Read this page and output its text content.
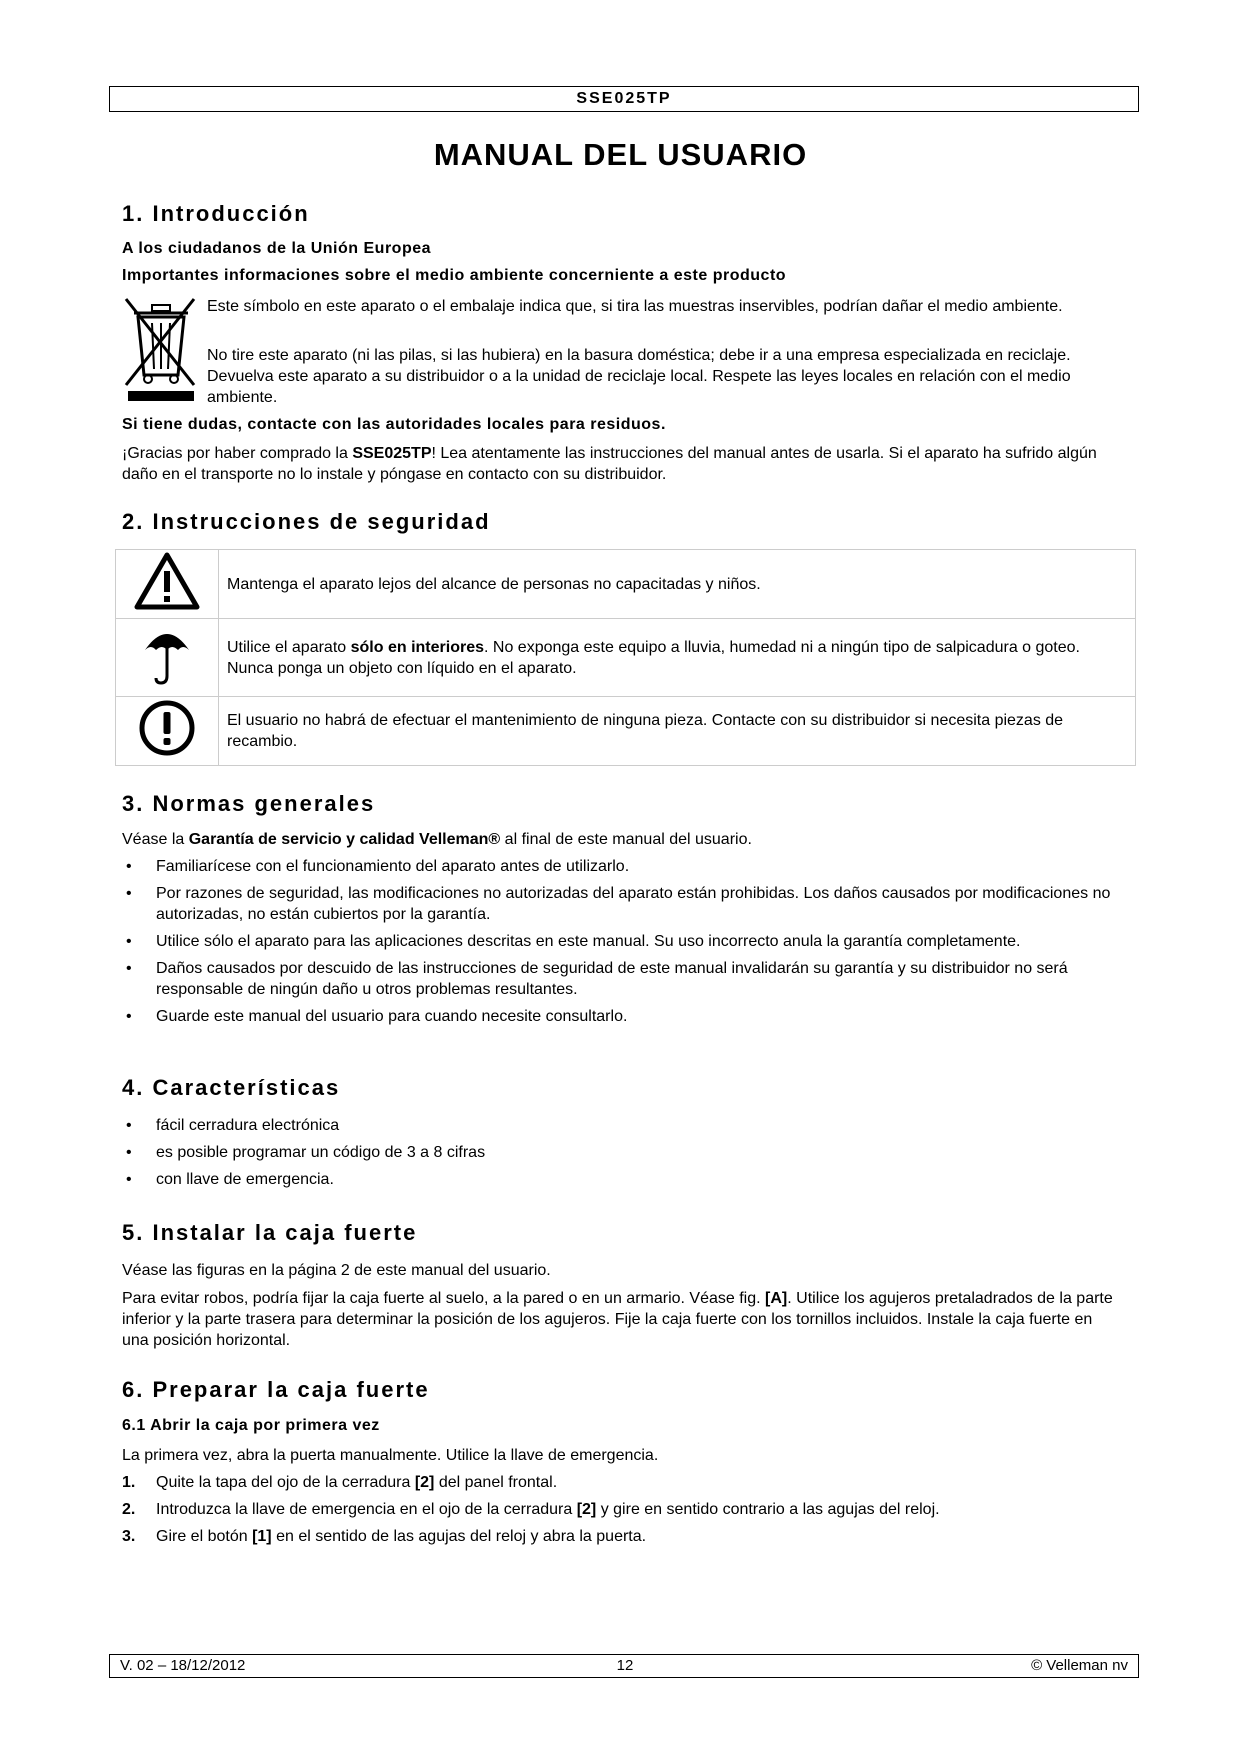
SSE025TP
MANUAL DEL USUARIO
1. Introducción
A los ciudadanos de la Unión Europea
Importantes informaciones sobre el medio ambiente concerniente a este producto
Este símbolo en este aparato o el embalaje indica que, si tira las muestras inservibles, podrían dañar el medio ambiente.
No tire este aparato (ni las pilas, si las hubiera) en la basura doméstica; debe ir a una empresa especializada en reciclaje. Devuelva este aparato a su distribuidor o a la unidad de reciclaje local. Respete las leyes locales en relación con el medio ambiente.
Si tiene dudas, contacte con las autoridades locales para residuos.
¡Gracias por haber comprado la SSE025TP! Lea atentamente las instrucciones del manual antes de usarla. Si el aparato ha sufrido algún daño en el transporte no lo instale y póngase en contacto con su distribuidor.
2. Instrucciones de seguridad
	Mantenga el aparato lejos del alcance de personas no capacitadas y niños.
	Utilice el aparato sólo en interiores. No exponga este equipo a lluvia, humedad ni a ningún tipo de salpicadura o goteo. Nunca ponga un objeto con líquido en el aparato.
	El usuario no habrá de efectuar el mantenimiento de ninguna pieza. Contacte con su distribuidor si necesita piezas de recambio.
3. Normas generales
Véase la Garantía de servicio y calidad Velleman® al final de este manual del usuario.
• Familiarícese con el funcionamiento del aparato antes de utilizarlo.
• Por razones de seguridad, las modificaciones no autorizadas del aparato están prohibidas. Los daños causados por modificaciones no autorizadas, no están cubiertos por la garantía.
• Utilice sólo el aparato para las aplicaciones descritas en este manual. Su uso incorrecto anula la garantía completamente.
• Daños causados por descuido de las instrucciones de seguridad de este manual invalidarán su garantía y su distribuidor no será responsable de ningún daño u otros problemas resultantes.
• Guarde este manual del usuario para cuando necesite consultarlo.
4. Características
• fácil cerradura electrónica
• es posible programar un código de 3 a 8 cifras
• con llave de emergencia.
5. Instalar la caja fuerte
Véase las figuras en la página 2 de este manual del usuario.
Para evitar robos, podría fijar la caja fuerte al suelo, a la pared o en un armario. Véase fig. [A]. Utilice los agujeros pretaladrados de la parte inferior y la parte trasera para determinar la posición de los agujeros. Fije la caja fuerte con los tornillos incluidos. Instale la caja fuerte en una posición horizontal.
6. Preparar la caja fuerte
6.1 Abrir la caja por primera vez
La primera vez, abra la puerta manualmente. Utilice la llave de emergencia.
1. Quite la tapa del ojo de la cerradura [2] del panel frontal.
2. Introduzca la llave de emergencia en el ojo de la cerradura [2] y gire en sentido contrario a las agujas del reloj.
3. Gire el botón [1] en el sentido de las agujas del reloj y abra la puerta.
V. 02 – 18/12/2012	12	© Velleman nv
